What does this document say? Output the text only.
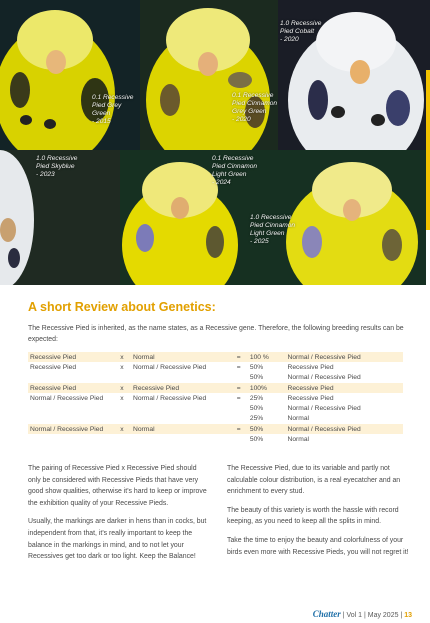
0.1 Recessive
Pied Grey
Green
- 2015
0.1 Recessive
Pied Cinnamon
Grey Green
- 2020
1.0 Recessive
Pied Cobalt
- 2020
1.0 Recessive
Pied Skyblue
- 2023
0.1 Recessive
Pied Cinnamon
Light Green
- 2024
1.0 Recessive
Pied Cinnamon
Light Green
- 2025
A short Review about Genetics:
The Recessive Pied is inherited, as the name states, as a Recessive gene. Therefore, the following breeding results can be expected:
Recessive Pied	x	Normal	=	100 %	Normal / Recessive Pied
Recessive Pied	x	Normal / Recessive Pied	=	50%	Recessive Pied
				50%	Normal / Recessive Pied
Recessive Pied	x	Recessive Pied	=	100%	Recessive Pied
Normal / Recessive Pied	x	Normal / Recessive Pied	=	25%	Recessive Pied
				50%	Normal / Recessive Pied
				25%	Normal
Normal / Recessive Pied	x	Normal	=	50%	Normal / Recessive Pied
				50%	Normal

The pairing of Recessive Pied x Recessive Pied should only be considered with Recessive Pieds that have very good show qualities, otherwise it's hard to keep or improve the exhibition quality of your Recessive Pieds.

Usually, the markings are darker in hens than in cocks, but independent from that, it's really important to keep the balance in the markings in mind, and to not let your Recessives get too dark or too light. Keep the Balance!

The Recessive Pied, due to its variable and partly not calculable colour distribution, is a real eyecatcher and an enrichment to every stud.

The beauty of this variety is worth the hassle with record keeping, as you need to keep all the splits in mind.

Take the time to enjoy the beauty and colorfulness of your birds even more with Recessive Pieds, you will not regret it!

Chatter | Vol 1 | May 2025 | 13
